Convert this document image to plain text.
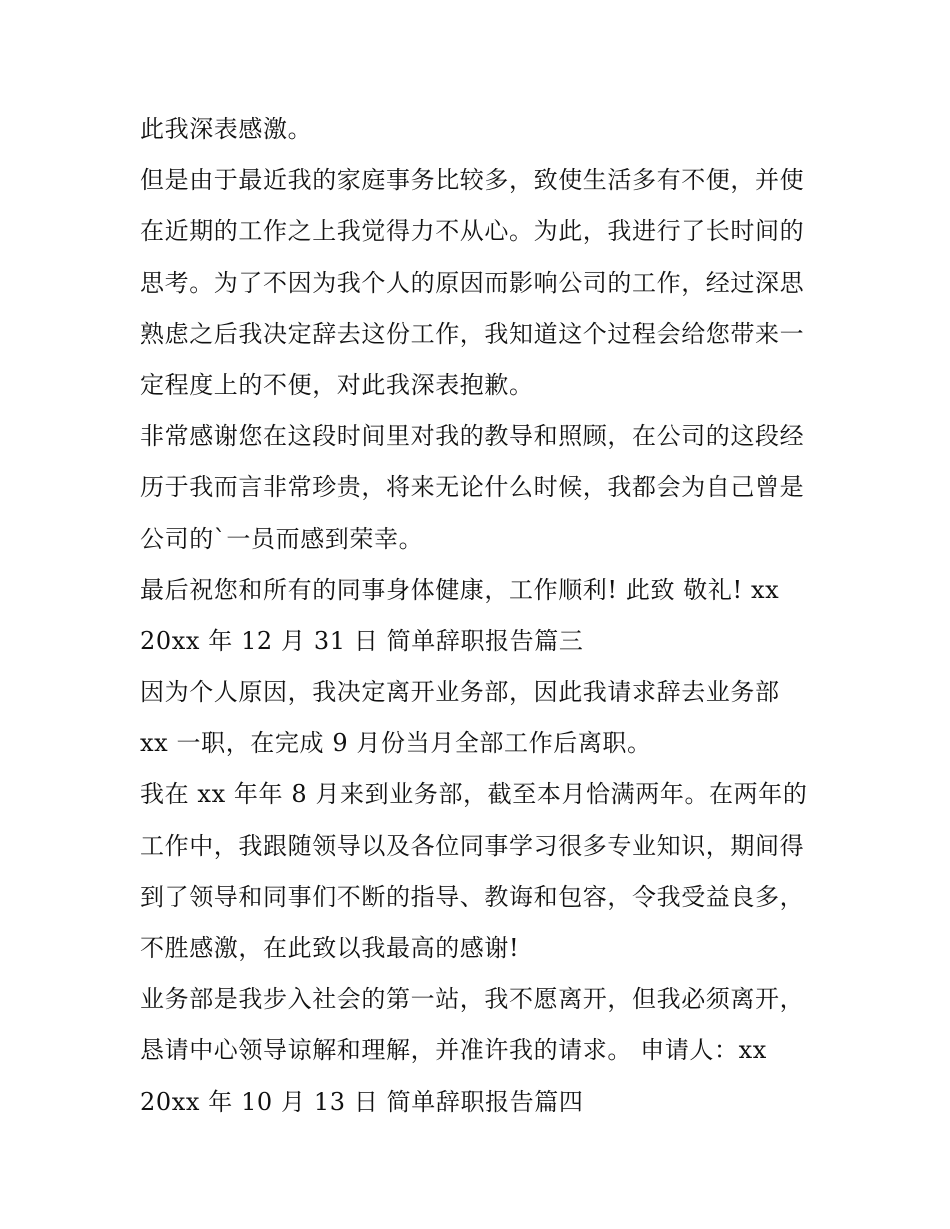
此我深表感激。
但是由于最近我的家庭事务比较多，致使生活多有不便，并使
在近期的工作之上我觉得力不从心。为此，我进行了长时间的
思考。为了不因为我个人的原因而影响公司的工作，经过深思
熟虑之后我决定辞去这份工作，我知道这个过程会给您带来一
定程度上的不便，对此我深表抱歉。
非常感谢您在这段时间里对我的教导和照顾，在公司的这段经
历于我而言非常珍贵，将来无论什么时候，我都会为自己曾是
公司的`一员而感到荣幸。
最后祝您和所有的同事身体健康，工作顺利! 此致 敬礼! xx
20xx 年 12 月 31 日 简单辞职报告篇三
因为个人原因，我决定离开业务部，因此我请求辞去业务部
xx 一职，在完成 9 月份当月全部工作后离职。
我在 xx 年年 8 月来到业务部，截至本月恰满两年。在两年的
工作中，我跟随领导以及各位同事学习很多专业知识，期间得
到了领导和同事们不断的指导、教诲和包容，令我受益良多，
不胜感激，在此致以我最高的感谢!
业务部是我步入社会的第一站，我不愿离开，但我必须离开，
恳请中心领导谅解和理解，并准许我的请求。 申请人：xx
20xx 年 10 月 13 日 简单辞职报告篇四
